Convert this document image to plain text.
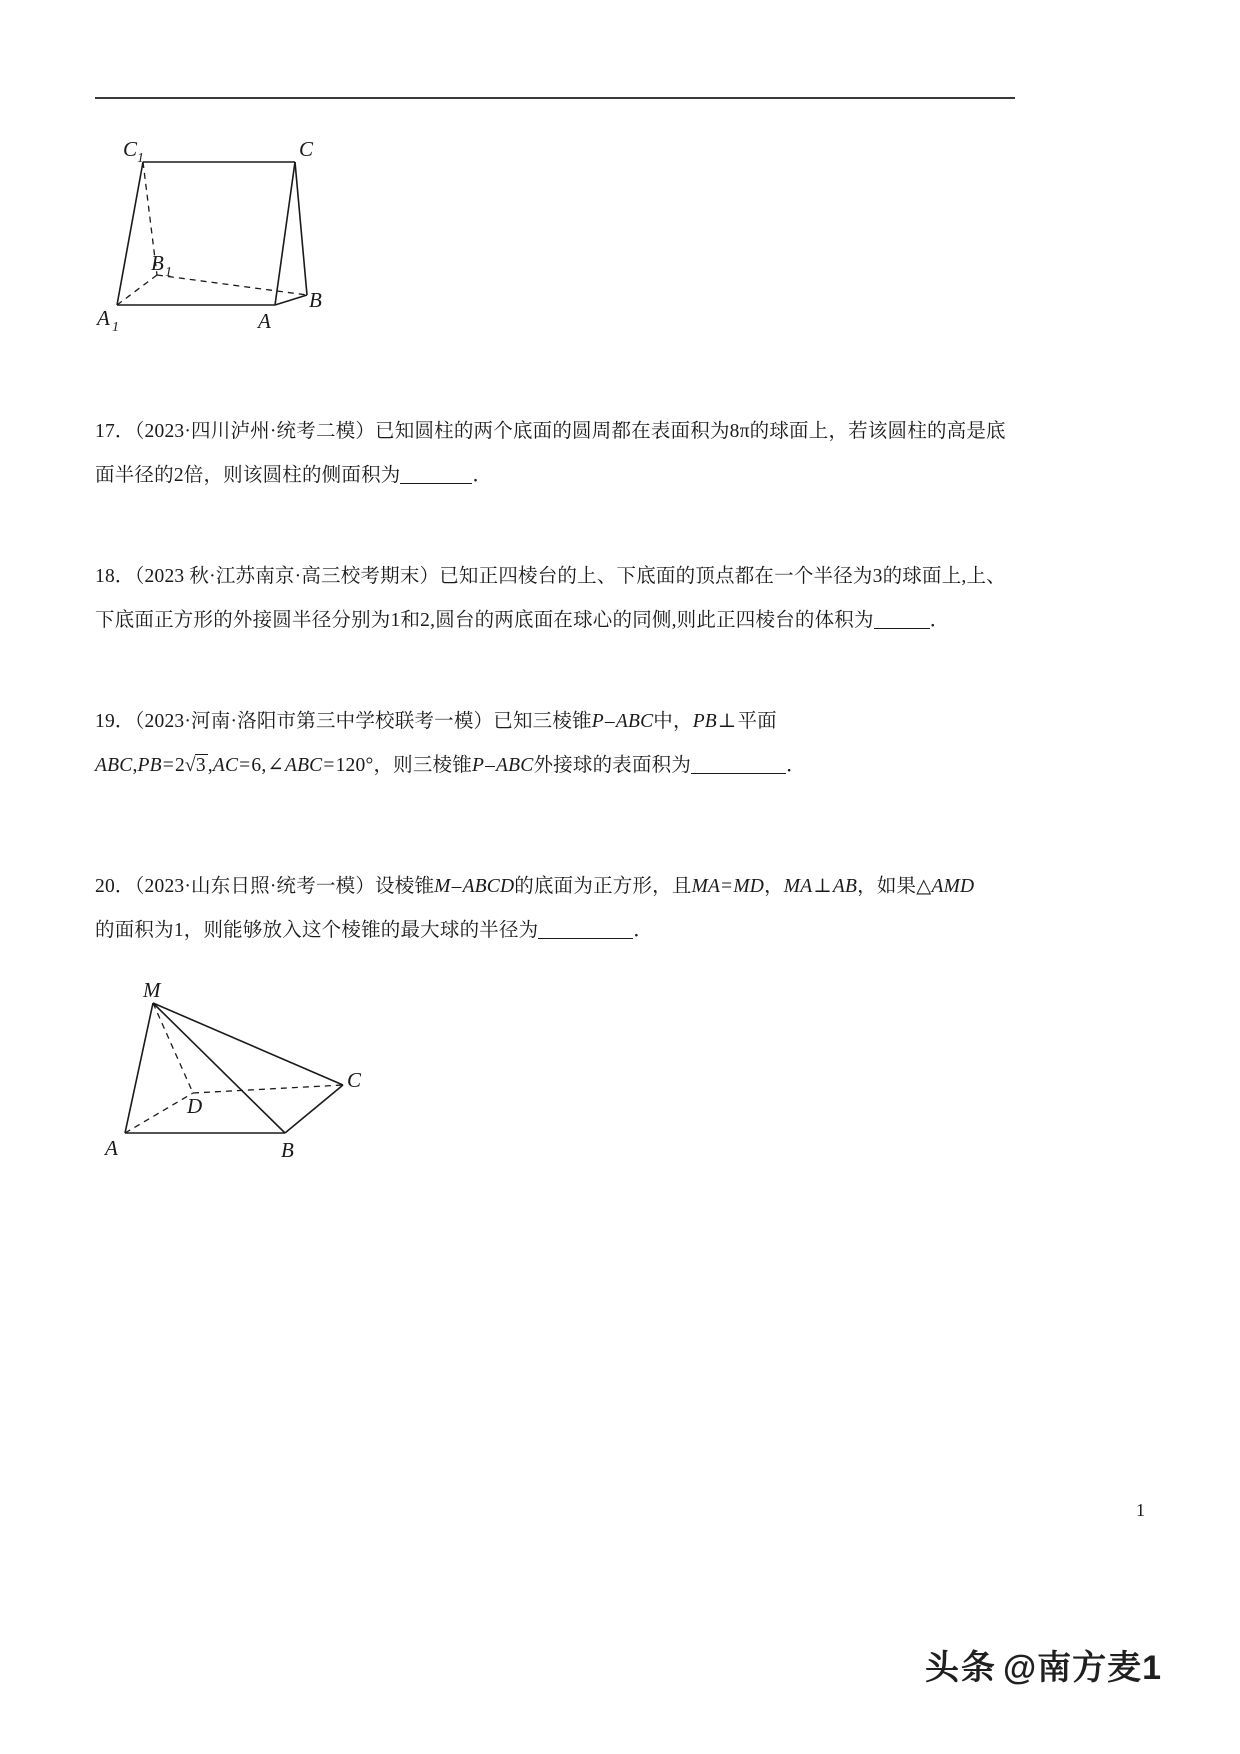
C 1	C
B 1
B
A 1	A
17．（2023·四川泸州·统考二模）已知圆柱的两个底面的圆周都在表面积为8π的球面上，若该圆柱的高是底
面半径的2倍，则该圆柱的侧面积为	．
18．（2023 秋·江苏南京·高三校考期末）已知正四棱台的上、下底面的顶点都在一个半径为3的球面上,上、
下底面正方形的外接圆半径分别为1和2,圆台的两底面在球心的同侧,则此正四棱台的体积为	．
19．（2023·河南·洛阳市第三中学校联考一模）已知三棱锥P–ABC中，PB⊥平面
ABC,PB=2√3 ,AC=6,∠ABC=120°，则三棱锥P–ABC外接球的表面积为	．
20．（2023·山东日照·统考一模）设棱锥M–ABCD的底面为正方形，且MA=MD，MA⊥AB，如果△AMD
的面积为1，则能够放入这个棱锥的最大球的半径为	．
M
D
C
A	B
1
头条 @南方麦1
